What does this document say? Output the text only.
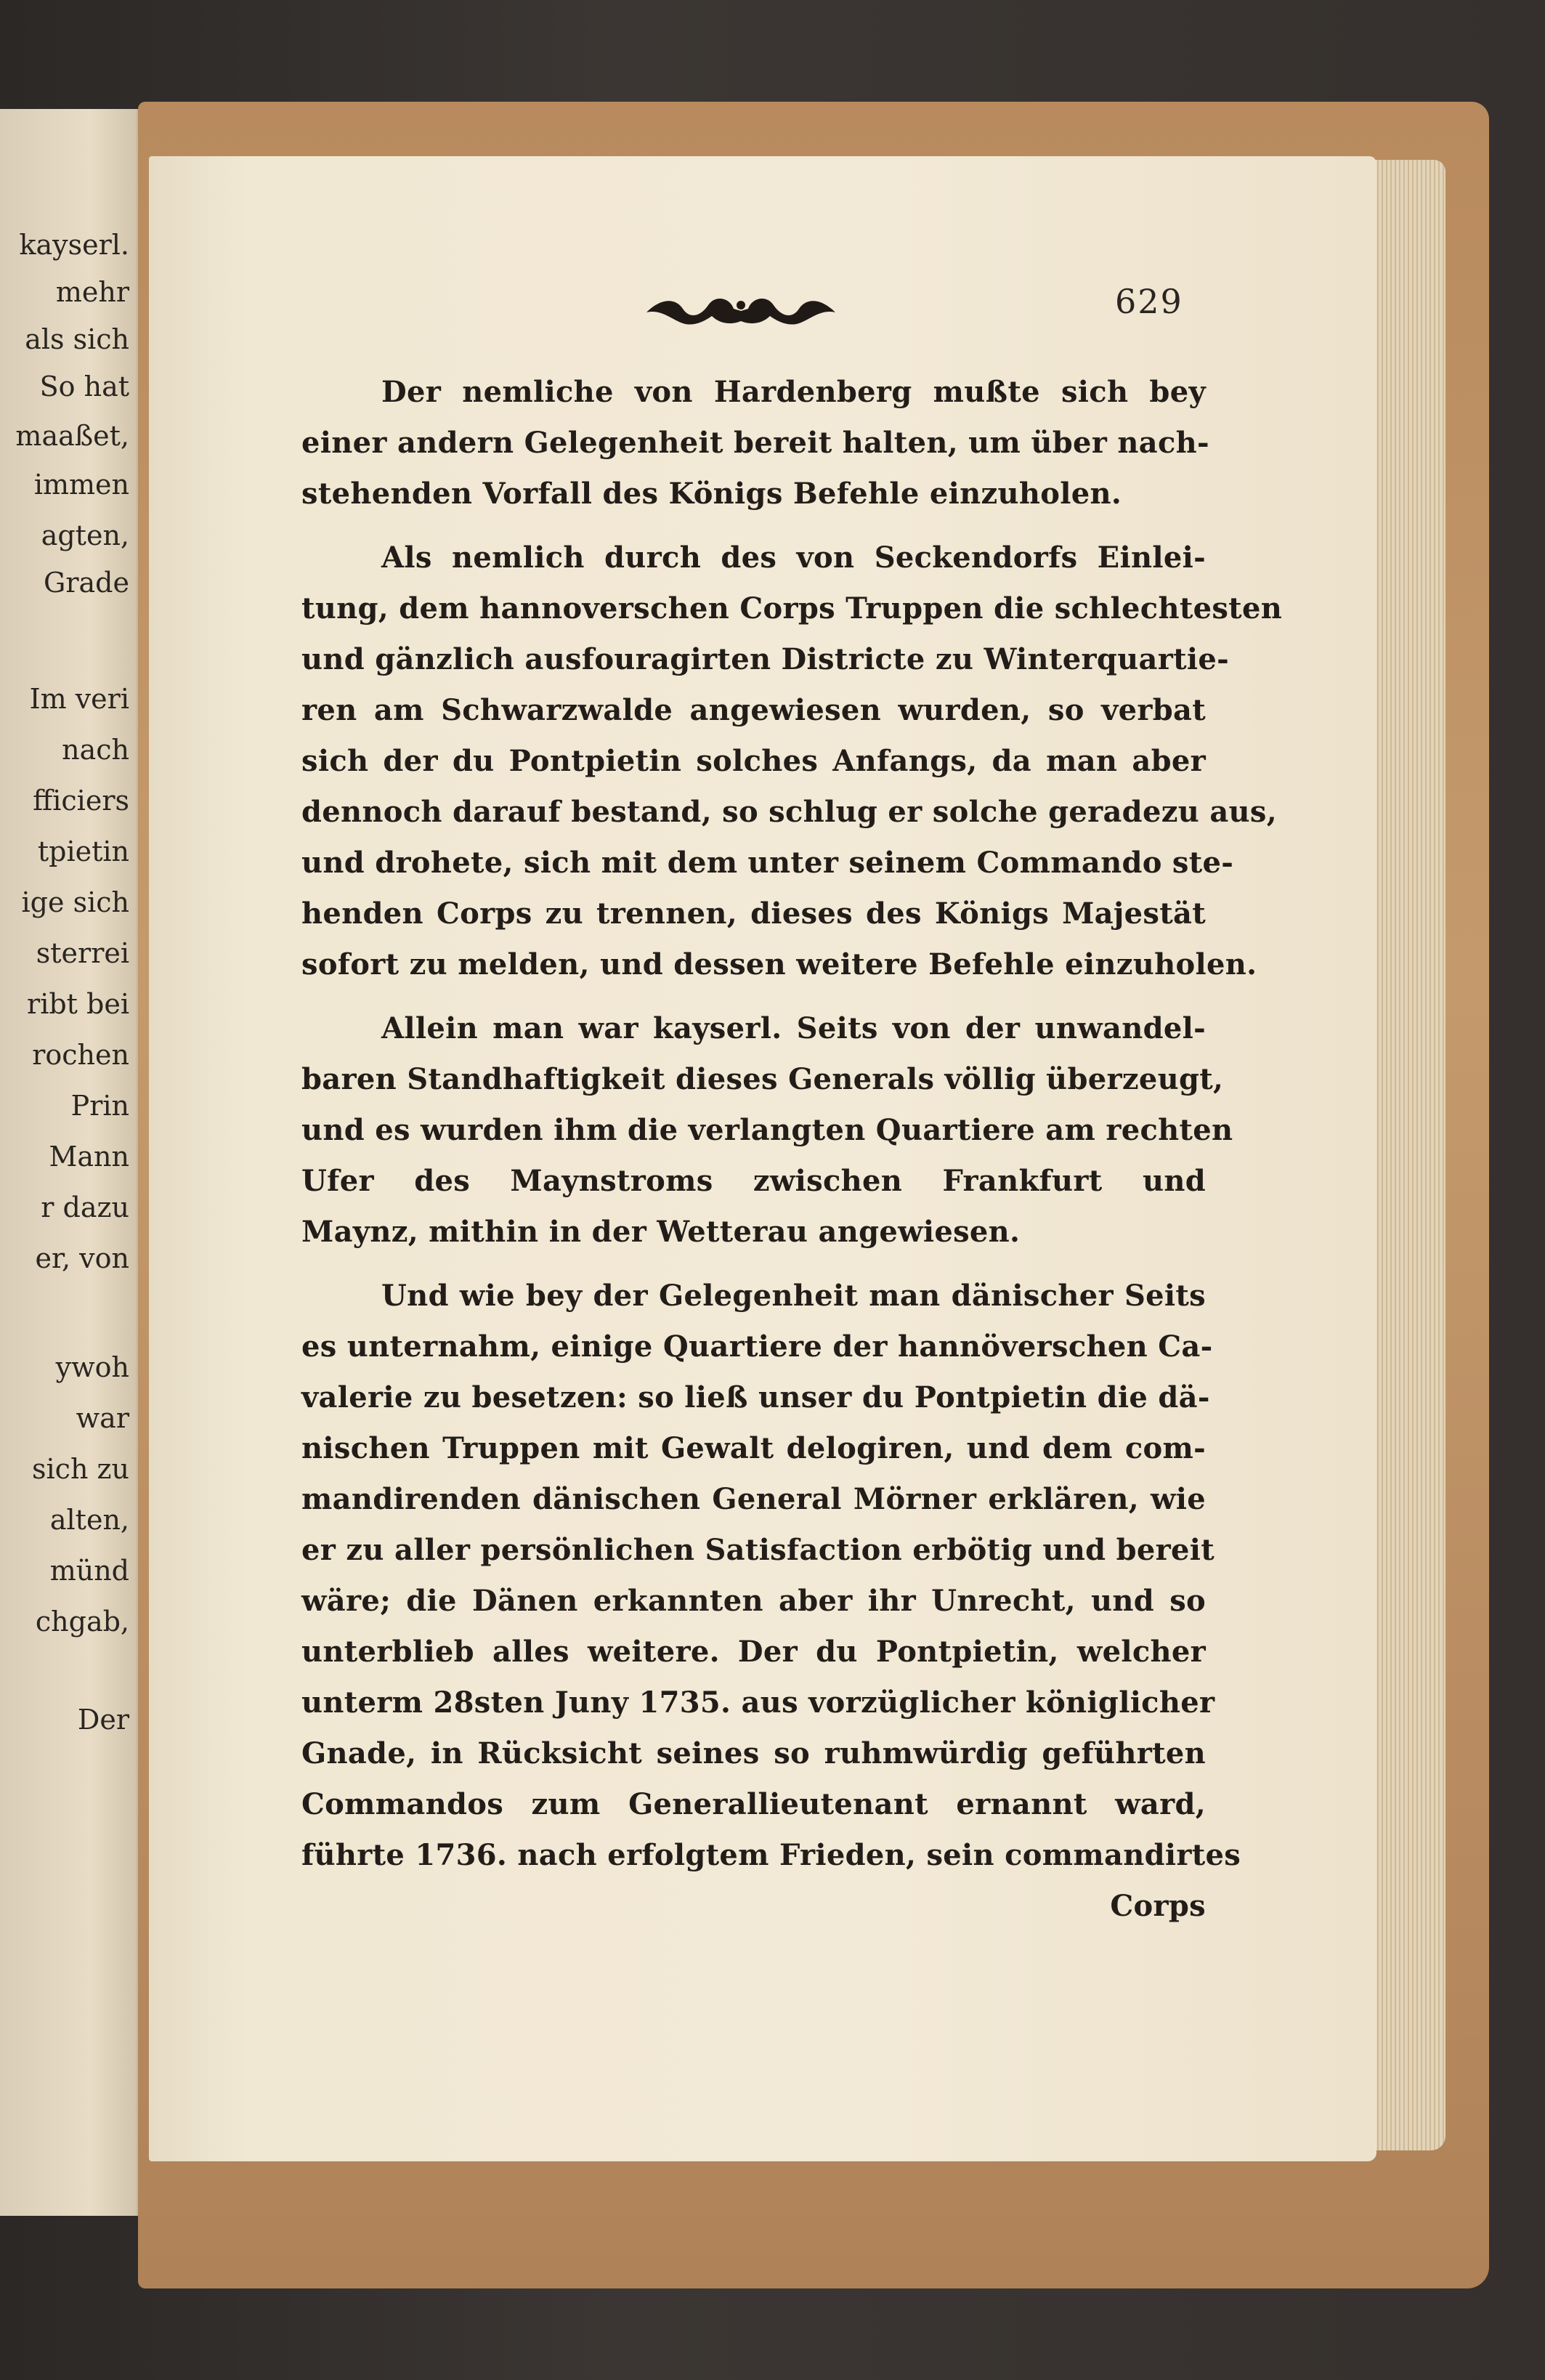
kayserl.
mehr
als sich
So hat
maaßet,
immen
agten,
Grade
Im veri
nach
fficiers
tpietin
ige sich
sterrei
ribt bei
rochen
Prin
Mann
r dazu
er, von
ywoh
war
sich zu
alten,
münd
chgab,
Der
629
Der nemliche von Hardenberg mußte sich bey
einer andern Gelegenheit bereit halten, um über nach-
stehenden Vorfall des Königs Befehle einzuholen.
Als nemlich durch des von Seckendorfs Einlei-
tung, dem hannoverschen Corps Truppen die schlechtesten
und gänzlich ausfouragirten Districte zu Winterquartie-
ren am Schwarzwalde angewiesen wurden, so verbat
sich der du Pontpietin solches Anfangs, da man aber
dennoch darauf bestand, so schlug er solche geradezu aus,
und drohete, sich mit dem unter seinem Commando ste-
henden Corps zu trennen, dieses des Königs Majestät
sofort zu melden, und dessen weitere Befehle einzuholen.
Allein man war kayserl. Seits von der unwandel-
baren Standhaftigkeit dieses Generals völlig überzeugt,
und es wurden ihm die verlangten Quartiere am rechten
Ufer des Maynstroms zwischen Frankfurt und
Maynz, mithin in der Wetterau angewiesen.
Und wie bey der Gelegenheit man dänischer Seits
es unternahm, einige Quartiere der hannöverschen Ca-
valerie zu besetzen: so ließ unser du Pontpietin die dä-
nischen Truppen mit Gewalt delogiren, und dem com-
mandirenden dänischen General Mörner erklären, wie
er zu aller persönlichen Satisfaction erbötig und bereit
wäre; die Dänen erkannten aber ihr Unrecht, und so
unterblieb alles weitere. Der du Pontpietin, welcher
unterm 28sten Juny 1735. aus vorzüglicher königlicher
Gnade, in Rücksicht seines so ruhmwürdig geführten
Commandos zum Generallieutenant ernannt ward,
führte 1736. nach erfolgtem Frieden, sein commandirtes
Corps
